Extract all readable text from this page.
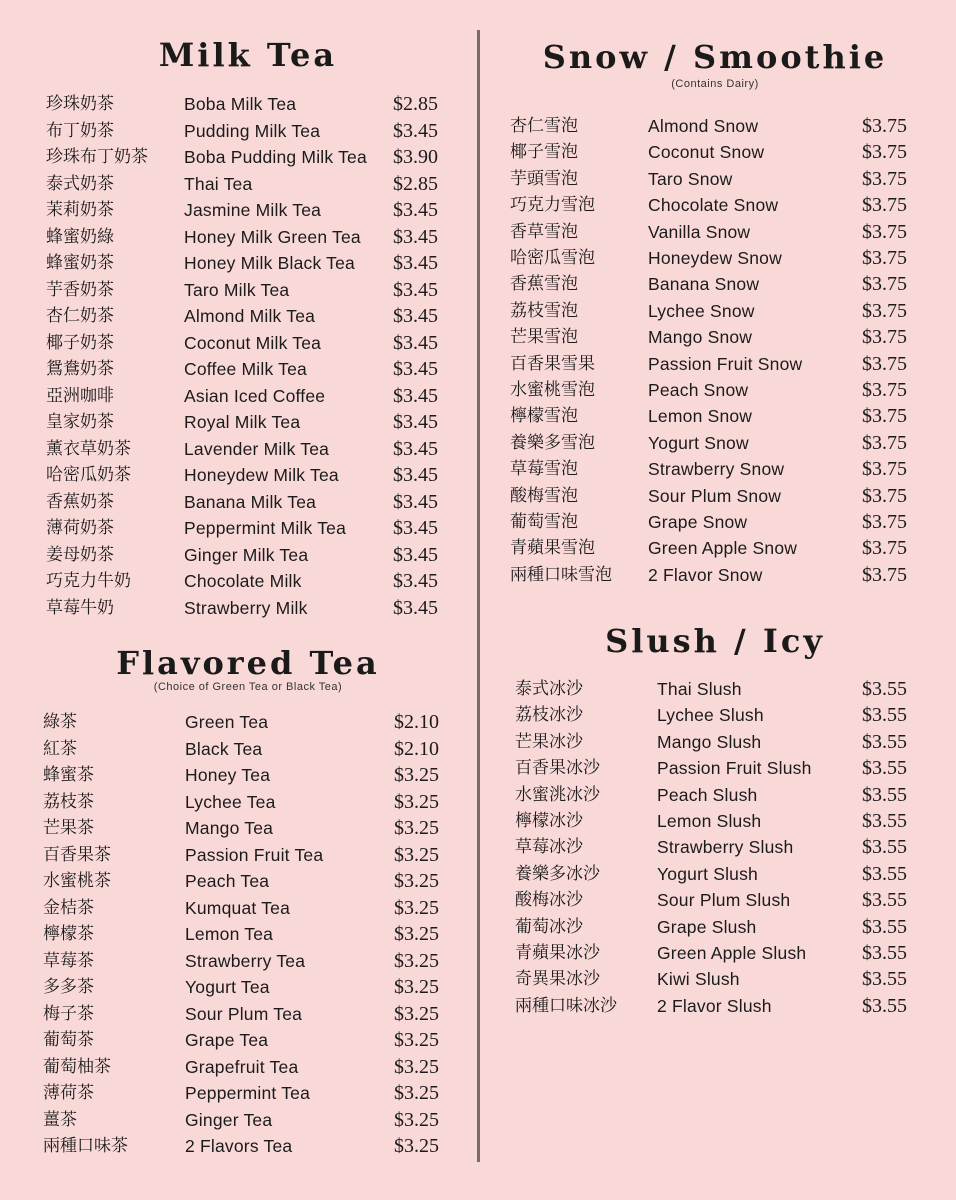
Milk Tea
珍珠奶茶	Boba Milk Tea	$2.85
布丁奶茶	Pudding Milk Tea	$3.45
珍珠布丁奶茶 Boba Pudding Milk Tea $3.90
泰式奶茶	Thai Tea	$2.85
茉莉奶茶	Jasmine Milk Tea	$3.45
蜂蜜奶綠	Honey Milk Green Tea $3.45
蜂蜜奶茶	Honey Milk Black Tea $3.45
芋香奶茶	Taro Milk Tea	$3.45
杏仁奶茶	Almond Milk Tea	$3.45
椰子奶茶	Coconut Milk Tea	$3.45
鴛鴦奶茶	Coffee Milk Tea	$3.45
亞洲咖啡	Asian Iced Coffee	$3.45
皇家奶茶	Royal Milk Tea	$3.45
薰衣草奶茶	Lavender Milk Tea	$3.45
哈密瓜奶茶	Honeydew Milk Tea	$3.45
香蕉奶茶	Banana Milk Tea	$3.45
薄荷奶茶	Peppermint Milk Tea $3.45
姜母奶茶	Ginger Milk Tea	$3.45
巧克力牛奶	Chocolate Milk	$3.45
草莓牛奶	Strawberry Milk	$3.45
Flavored Tea
(Choice of Green Tea or Black Tea)
綠茶	Green Tea	$2.10
紅茶	Black Tea	$2.10
蜂蜜茶	Honey Tea	$3.25
荔枝茶	Lychee Tea	$3.25
芒果茶	Mango Tea	$3.25
百香果茶	Passion Fruit Tea	$3.25
水蜜桃茶	Peach Tea	$3.25
金桔茶	Kumquat Tea	$3.25
檸檬茶	Lemon Tea	$3.25
草莓茶	Strawberry Tea	$3.25
多多茶	Yogurt Tea	$3.25
梅子茶	Sour Plum Tea	$3.25
葡萄茶	Grape Tea	$3.25
葡萄柚茶	Grapefruit Tea	$3.25
薄荷茶	Peppermint Tea	$3.25
薑茶	Ginger Tea	$3.25
兩種口味茶	2 Flavors Tea	$3.25
Snow / Smoothie
(Contains Dairy)
杏仁雪泡	Almond Snow	$3.75
椰子雪泡	Coconut Snow	$3.75
芋頭雪泡	Taro Snow	$3.75
巧克力雪泡	Chocolate Snow	$3.75
香草雪泡	Vanilla Snow	$3.75
哈密瓜雪泡	Honeydew Snow	$3.75
香蕉雪泡	Banana Snow	$3.75
荔枝雪泡	Lychee Snow	$3.75
芒果雪泡	Mango Snow	$3.75
百香果雪果	Passion Fruit Snow	$3.75
水蜜桃雪泡	Peach Snow	$3.75
檸檬雪泡	Lemon Snow	$3.75
養樂多雪泡	Yogurt Snow	$3.75
草莓雪泡	Strawberry Snow	$3.75
酸梅雪泡	Sour Plum Snow	$3.75
葡萄雪泡	Grape Snow	$3.75
青蘋果雪泡	Green Apple Snow	$3.75
兩種口味雪泡 2 Flavor Snow	$3.75
Slush / Icy
泰式冰沙	Thai Slush	$3.55
荔枝冰沙	Lychee Slush	$3.55
芒果冰沙	Mango Slush	$3.55
百香果冰沙	Passion Fruit Slush	$3.55
水蜜洮冰沙	Peach Slush	$3.55
檸檬冰沙	Lemon Slush	$3.55
草莓冰沙	Strawberry Slush	$3.55
養樂多冰沙	Yogurt Slush	$3.55
酸梅冰沙	Sour Plum Slush	$3.55
葡萄冰沙	Grape Slush	$3.55
青蘋果冰沙	Green Apple Slush	$3.55
奇異果冰沙	Kiwi Slush	$3.55
兩種口味冰沙 2 Flavor Slush	$3.55
